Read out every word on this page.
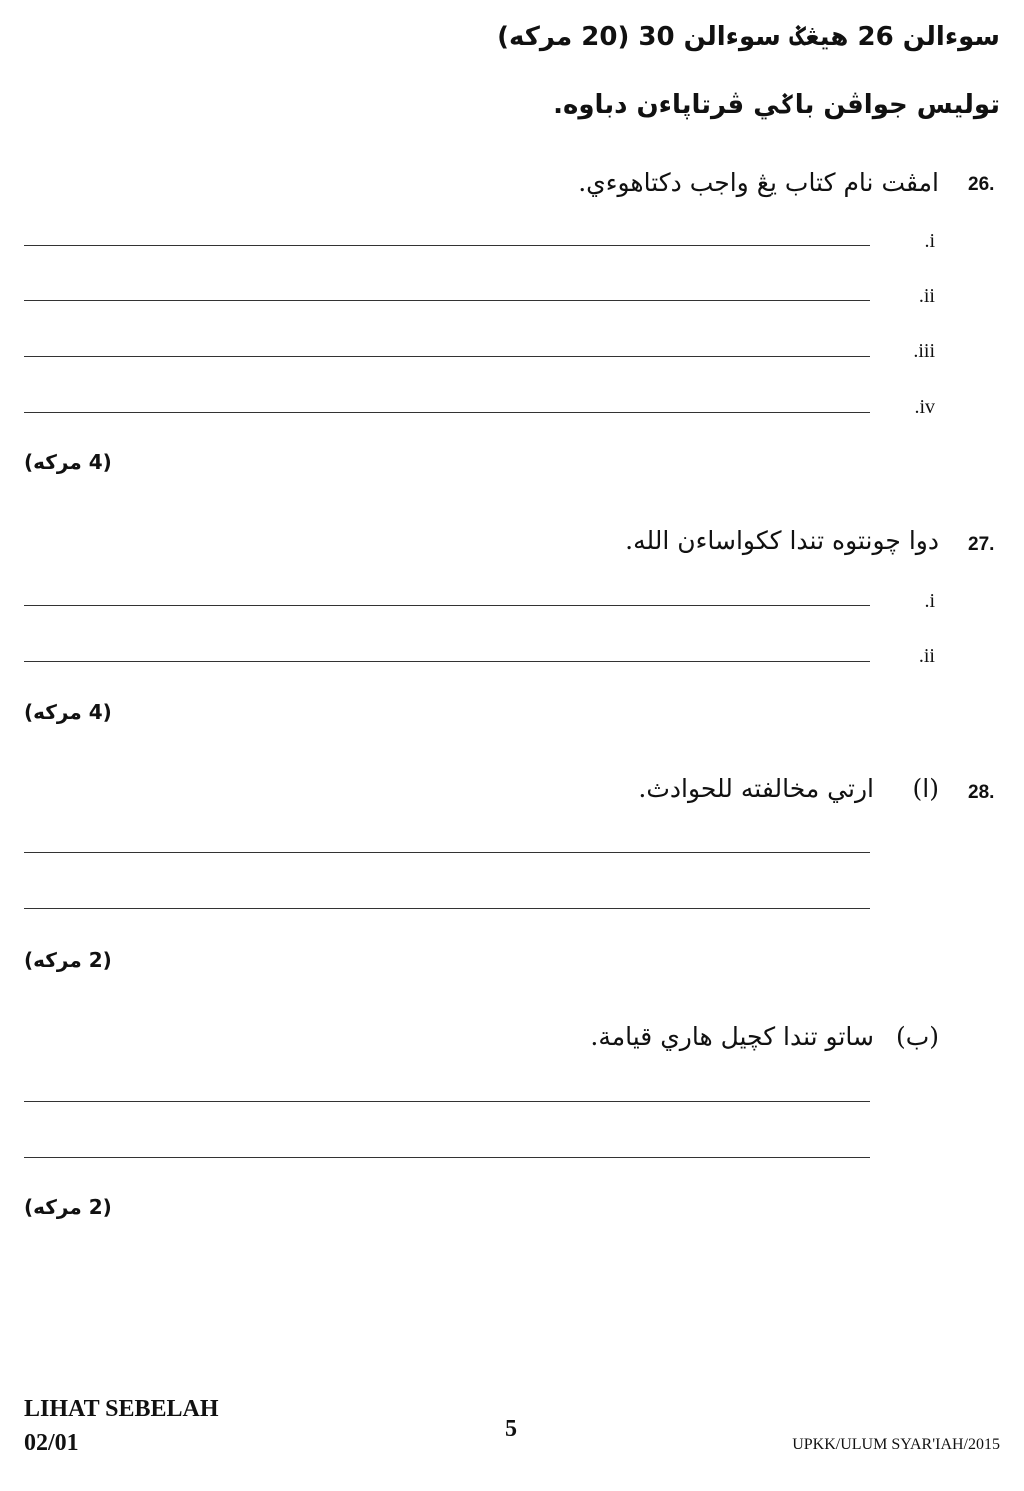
سوءالن 26 هيڠݢ سوءالن 30 (20 مركه)
توليس جواڤن باݢي ڤرتاڽاءن دباوه.
26.
امڤت نام كتاب يڠ واجب دكتاهوءي.
.i
.ii
.iii
.iv
(4 مركه)
27.
دوا چونتوه تندا ككواساءن الله.
.i
.ii
(4 مركه)
28.
(ا)
ارتي مخالفته للحوادث.
(2 مركه)
(ب)
ساتو تندا كچيل هاري قيامة.
(2 مركه)
LIHAT SEBELAH
02/01
5
UPKK/ULUM SYAR'IAH/2015
